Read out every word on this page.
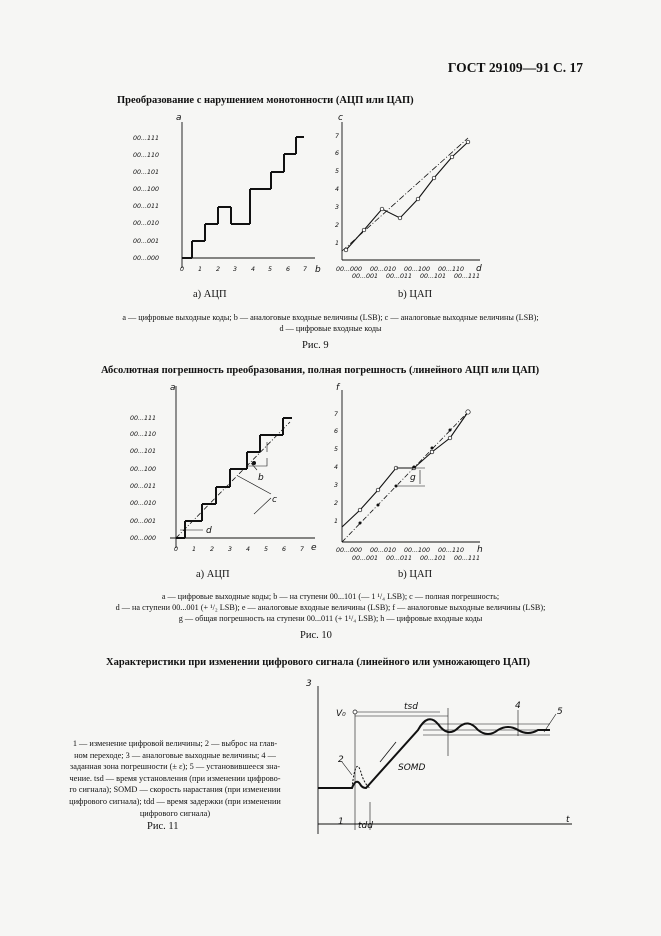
ГОСТ 29109—91 С. 17
Преобразование с нарушением монотонности (АЦП или ЦАП)
a
00...000
00...001
00...010
00...011
00...100
00...101
00...110
00...111
0 1 2 3 4 5 6 7 b
c
1
2
3
4
5
6
7
00...000 00...010 00...100 00...110
00...001 00...011 00...101 00...111
d
а) АЦП	b) ЦАП
a — цифровые выходные коды; b — аналоговые входные величины (LSB); c — аналоговые выходные величины (LSB);
d — цифровые входные коды
Рис. 9
Абсолютная погрешность преобразования, полная погрешность (линейного АЦП или ЦАП)
a
00...000
00...001
00...010
00...011
00...100
00...101
00...110
00...111
0 1 2 3 4 5 6 7 e
b
c
d
f
1
2
3
4
5
6
7
00...000 00...010 00...100 00...110
00...001 00...011 00...101 00...111
h
g
а) АЦП	b) ЦАП
a — цифровые выходные коды; b — на ступени 00...101 (— 1 ¹/₄ LSB); c — полная погрешность;
d — на ступени 00...001 (+ ¹/₂ LSB); e — аналоговые входные величины (LSB); f — аналоговые выходные величины (LSB);
g — общая погрешность на ступени 00...011 (+ 1¹/₄ LSB); h — цифровые входные коды
Рис. 10
Характеристики при изменении цифрового сигнала (линейного или умножающего ЦАП)
1 — изменение цифровой величины; 2 — выброс на глав-
ном переходе; 3 — аналоговые выходные величины; 4 —
заданная зона погрешности (± ε); 5 — установившееся зна-
чение. tsd — время установления (при изменении цифрово-
го сигнала); SOMD — скорость нарастания (при изменении
цифрового сигнала); tdd — время задержки (при изменении
цифрового сигнала)
Рис. 11
3
t
V₀
tsd	4
5
2
SOMD
tdd
1
